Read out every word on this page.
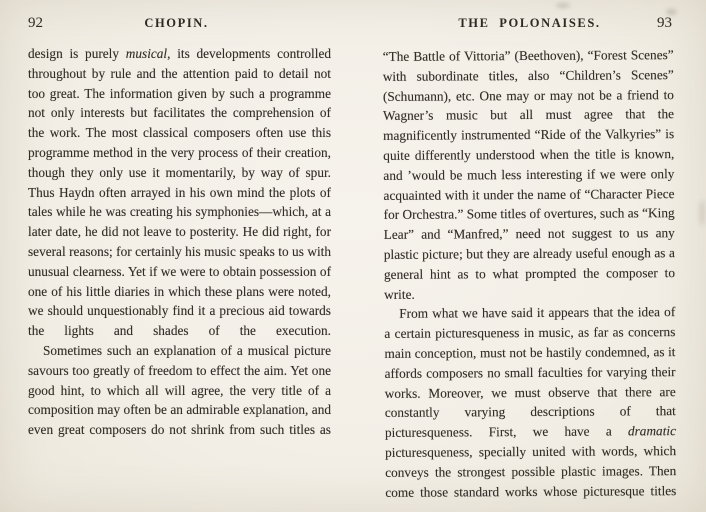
92	CHOPIN.

design is purely musical, its developments controlled throughout by rule and the attention paid to detail not too great. The information given by such a programme not only interests but facilitates the comprehension of the work. The most classical composers often use this programme method in the very process of their creation, though they only use it momentarily, by way of spur. Thus Haydn often arrayed in his own mind the plots of tales while he was creating his symphonies—which, at a later date, he did not leave to posterity. He did right, for several reasons; for certainly his music speaks to us with unusual clearness. Yet if we were to obtain possession of one of his little diaries in which these plans were noted, we should unquestionably find it a precious aid towards the lights and shades of the execution.

Sometimes such an explanation of a musical picture savours too greatly of freedom to effect the aim. Yet one good hint, to which all will agree, the very title of a composition may often be an admirable explanation, and even great composers do not shrink from such titles as

THE POLONAISES.	93

“The Battle of Vittoria” (Beethoven), “Forest Scenes” with subordinate titles, also “Children’s Scenes” (Schumann), etc. One may or may not be a friend to Wagner’s music but all must agree that the magnificently instrumented “Ride of the Valkyries” is quite differently understood when the title is known, and ’would be much less interesting if we were only acquainted with it under the name of “Character Piece for Orchestra.” Some titles of overtures, such as “King Lear” and “Manfred,” need not suggest to us any plastic picture; but they are already useful enough as a general hint as to what prompted the composer to write.

From what we have said it appears that the idea of a certain picturesqueness in music, as far as concerns main conception, must not be hastily condemned, as it affords composers no small faculties for varying their works. Moreover, we must observe that there are constantly varying descriptions of that picturesqueness. First, we have a dramatic picturesqueness, specially united with words, which conveys the strongest possible plastic images. Then come those standard works whose picturesque titles
